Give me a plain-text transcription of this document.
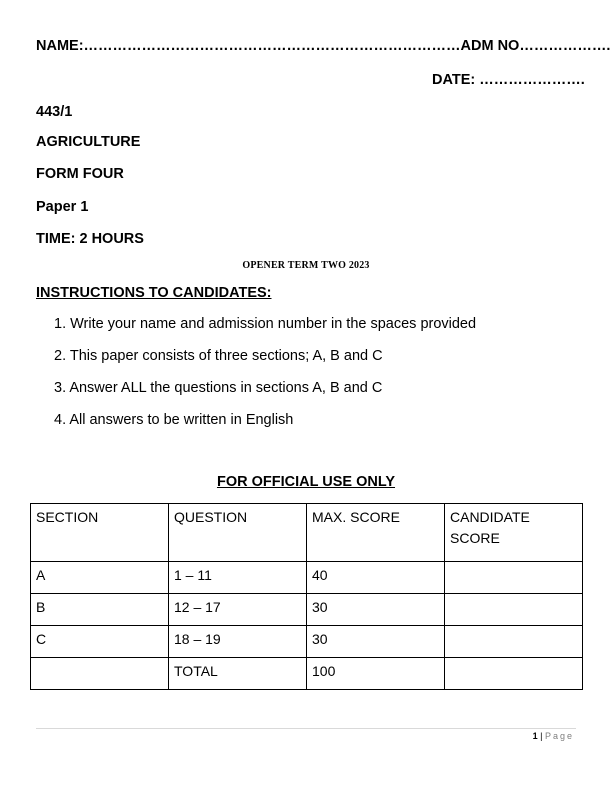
NAME:……………………………………………………………………ADM NO……………….
DATE: ………………….
443/1
AGRICULTURE
FORM FOUR
Paper 1
TIME: 2 HOURS
OPENER TERM TWO 2023
INSTRUCTIONS TO CANDIDATES:
1. Write your name and admission number in the spaces provided
2. This paper consists of three sections; A, B and C
3. Answer ALL the questions in sections A, B and C
4. All answers to be written in English
FOR OFFICIAL USE ONLY
SECTION	QUESTION	MAX. SCORE	CANDIDATE SCORE
A	1 – 11	40	
B	12 – 17	30	
C	18 – 19	30	
	TOTAL	100	
1 | Page
